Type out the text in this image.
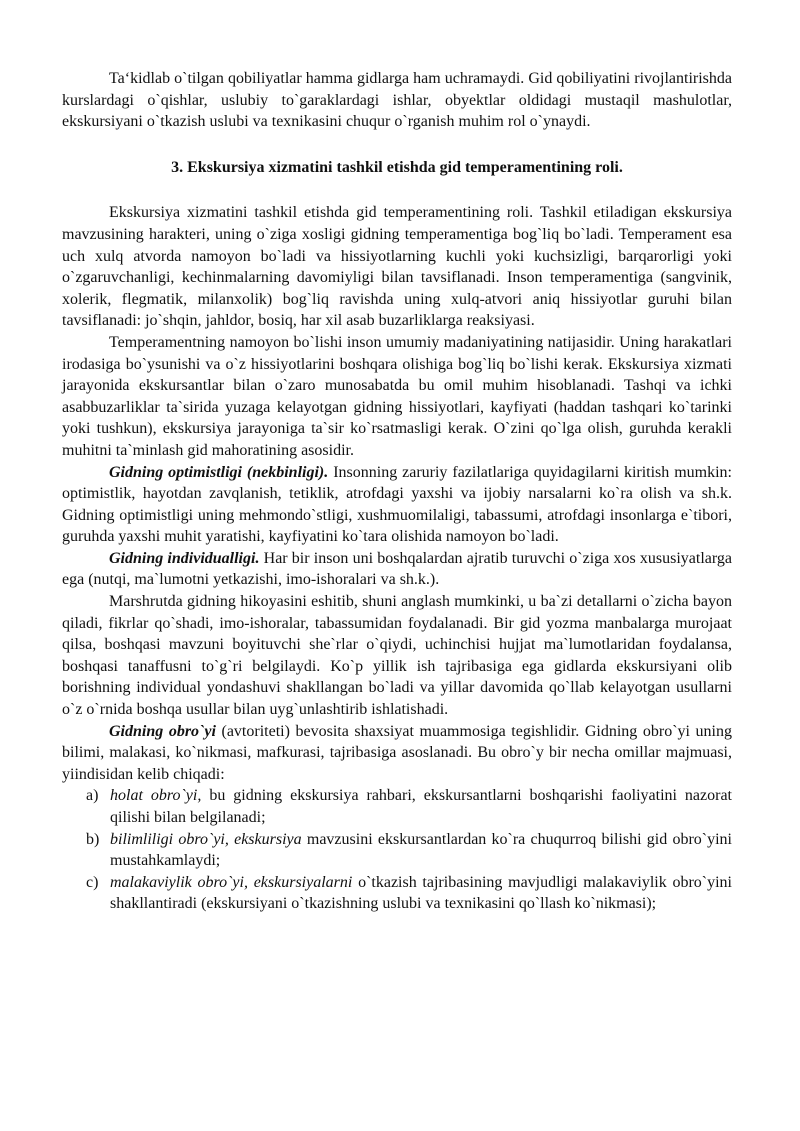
Ta‘kidlab o`tilgan qobiliyatlar hamma gidlarga ham uchramaydi. Gid qobiliyatini rivojlantirishda kurslardagi o`qishlar, uslubiy to`garaklardagi ishlar, obyektlar oldidagi mustaqil mashulotlar, ekskursiyani o`tkazish uslubi va texnikasini chuqur o`rganish muhim rol o`ynaydi.

3. Ekskursiya xizmatini tashkil etishda gid temperamentining roli.

Ekskursiya xizmatini tashkil etishda gid temperamentining roli. Tashkil etiladigan ekskursiya mavzusining harakteri, uning o`ziga xosligi gidning temperamentiga bog`liq bo`ladi. Temperament esa uch xulq atvorda namoyon bo`ladi va hissiyotlarning kuchli yoki kuchsizligi, barqarorligi yoki o`zgaruvchanligi, kechinmalarning davomiyligi bilan tavsiflanadi. Inson temperamentiga (sangvinik, xolerik, flegmatik, milanxolik) bog`liq ravishda uning xulq-atvori aniq hissiyotlar guruhi bilan tavsiflanadi: jo`shqin, jahldor, bosiq, har xil asab buzarliklarga reaksiyasi.

Temperamentning namoyon bo`lishi inson umumiy madaniyatining natijasidir. Uning harakatlari irodasiga bo`ysunishi va o`z hissiyotlarini boshqara olishiga bog`liq bo`lishi kerak. Ekskursiya xizmati jarayonida ekskursantlar bilan o`zaro munosabatda bu omil muhim hisoblanadi. Tashqi va ichki asabbuzarliklar ta`sirida yuzaga kelayotgan gidning hissiyotlari, kayfiyati (haddan tashqari ko`tarinki yoki tushkun), ekskursiya jarayoniga ta`sir ko`rsatmasligi kerak. O`zini qo`lga olish, guruhda kerakli muhitni ta`minlash gid mahoratining asosidir.

Gidning optimistligi (nekbinligi). Insonning zaruriy fazilatlariga quyidagilarni kiritish mumkin: optimistlik, hayotdan zavqlanish, tetiklik, atrofdagi yaxshi va ijobiy narsalarni ko`ra olish va sh.k. Gidning optimistligi uning mehmondo`stligi, xushmuomilaligi, tabassumi, atrofdagi insonlarga e`tibori, guruhda yaxshi muhit yaratishi, kayfiyatini ko`tara olishida namoyon bo`ladi.

Gidning individualligi. Har bir inson uni boshqalardan ajratib turuvchi o`ziga xos xususiyatlarga ega (nutqi, ma`lumotni yetkazishi, imo-ishoralari va sh.k.).

Marshrutda gidning hikoyasini eshitib, shuni anglash mumkinki, u ba`zi detallarni o`zicha bayon qiladi, fikrlar qo`shadi, imo-ishoralar, tabassumidan foydalanadi. Bir gid yozma manbalarga murojaat qilsa, boshqasi mavzuni boyituvchi she`rlar o`qiydi, uchinchisi hujjat ma`lumotlaridan foydalansa, boshqasi tanaffusni to`g`ri belgilaydi. Ko`p yillik ish tajribasiga ega gidlarda ekskursiyani olib borishning individual yondashuvi shakllangan bo`ladi va yillar davomida qo`llab kelayotgan usullarni o`z o`rnida boshqa usullar bilan uyg`unlashtirib ishlatishadi.

Gidning obro`yi (avtoriteti) bevosita shaxsiyat muammosiga tegishlidir. Gidning obro`yi uning bilimi, malakasi, ko`nikmasi, mafkurasi, tajribasiga asoslanadi. Bu obro`y bir necha omillar majmuasi, yiindisidan kelib chiqadi:

a) holat obro`yi, bu gidning ekskursiya rahbari, ekskursantlarni boshqarishi faoliyatini nazorat qilishi bilan belgilanadi;
b) bilimliligi obro`yi, ekskursiya mavzusini ekskursantlardan ko`ra chuqurroq bilishi gid obro`yini mustahkamlaydi;
c) malakaviylik obro`yi, ekskursiyalarni o`tkazish tajribasining mavjudligi malakaviylik obro`yini shakllantiradi (ekskursiyani o`tkazishning uslubi va texnikasini qo`llash ko`nikmasi);
